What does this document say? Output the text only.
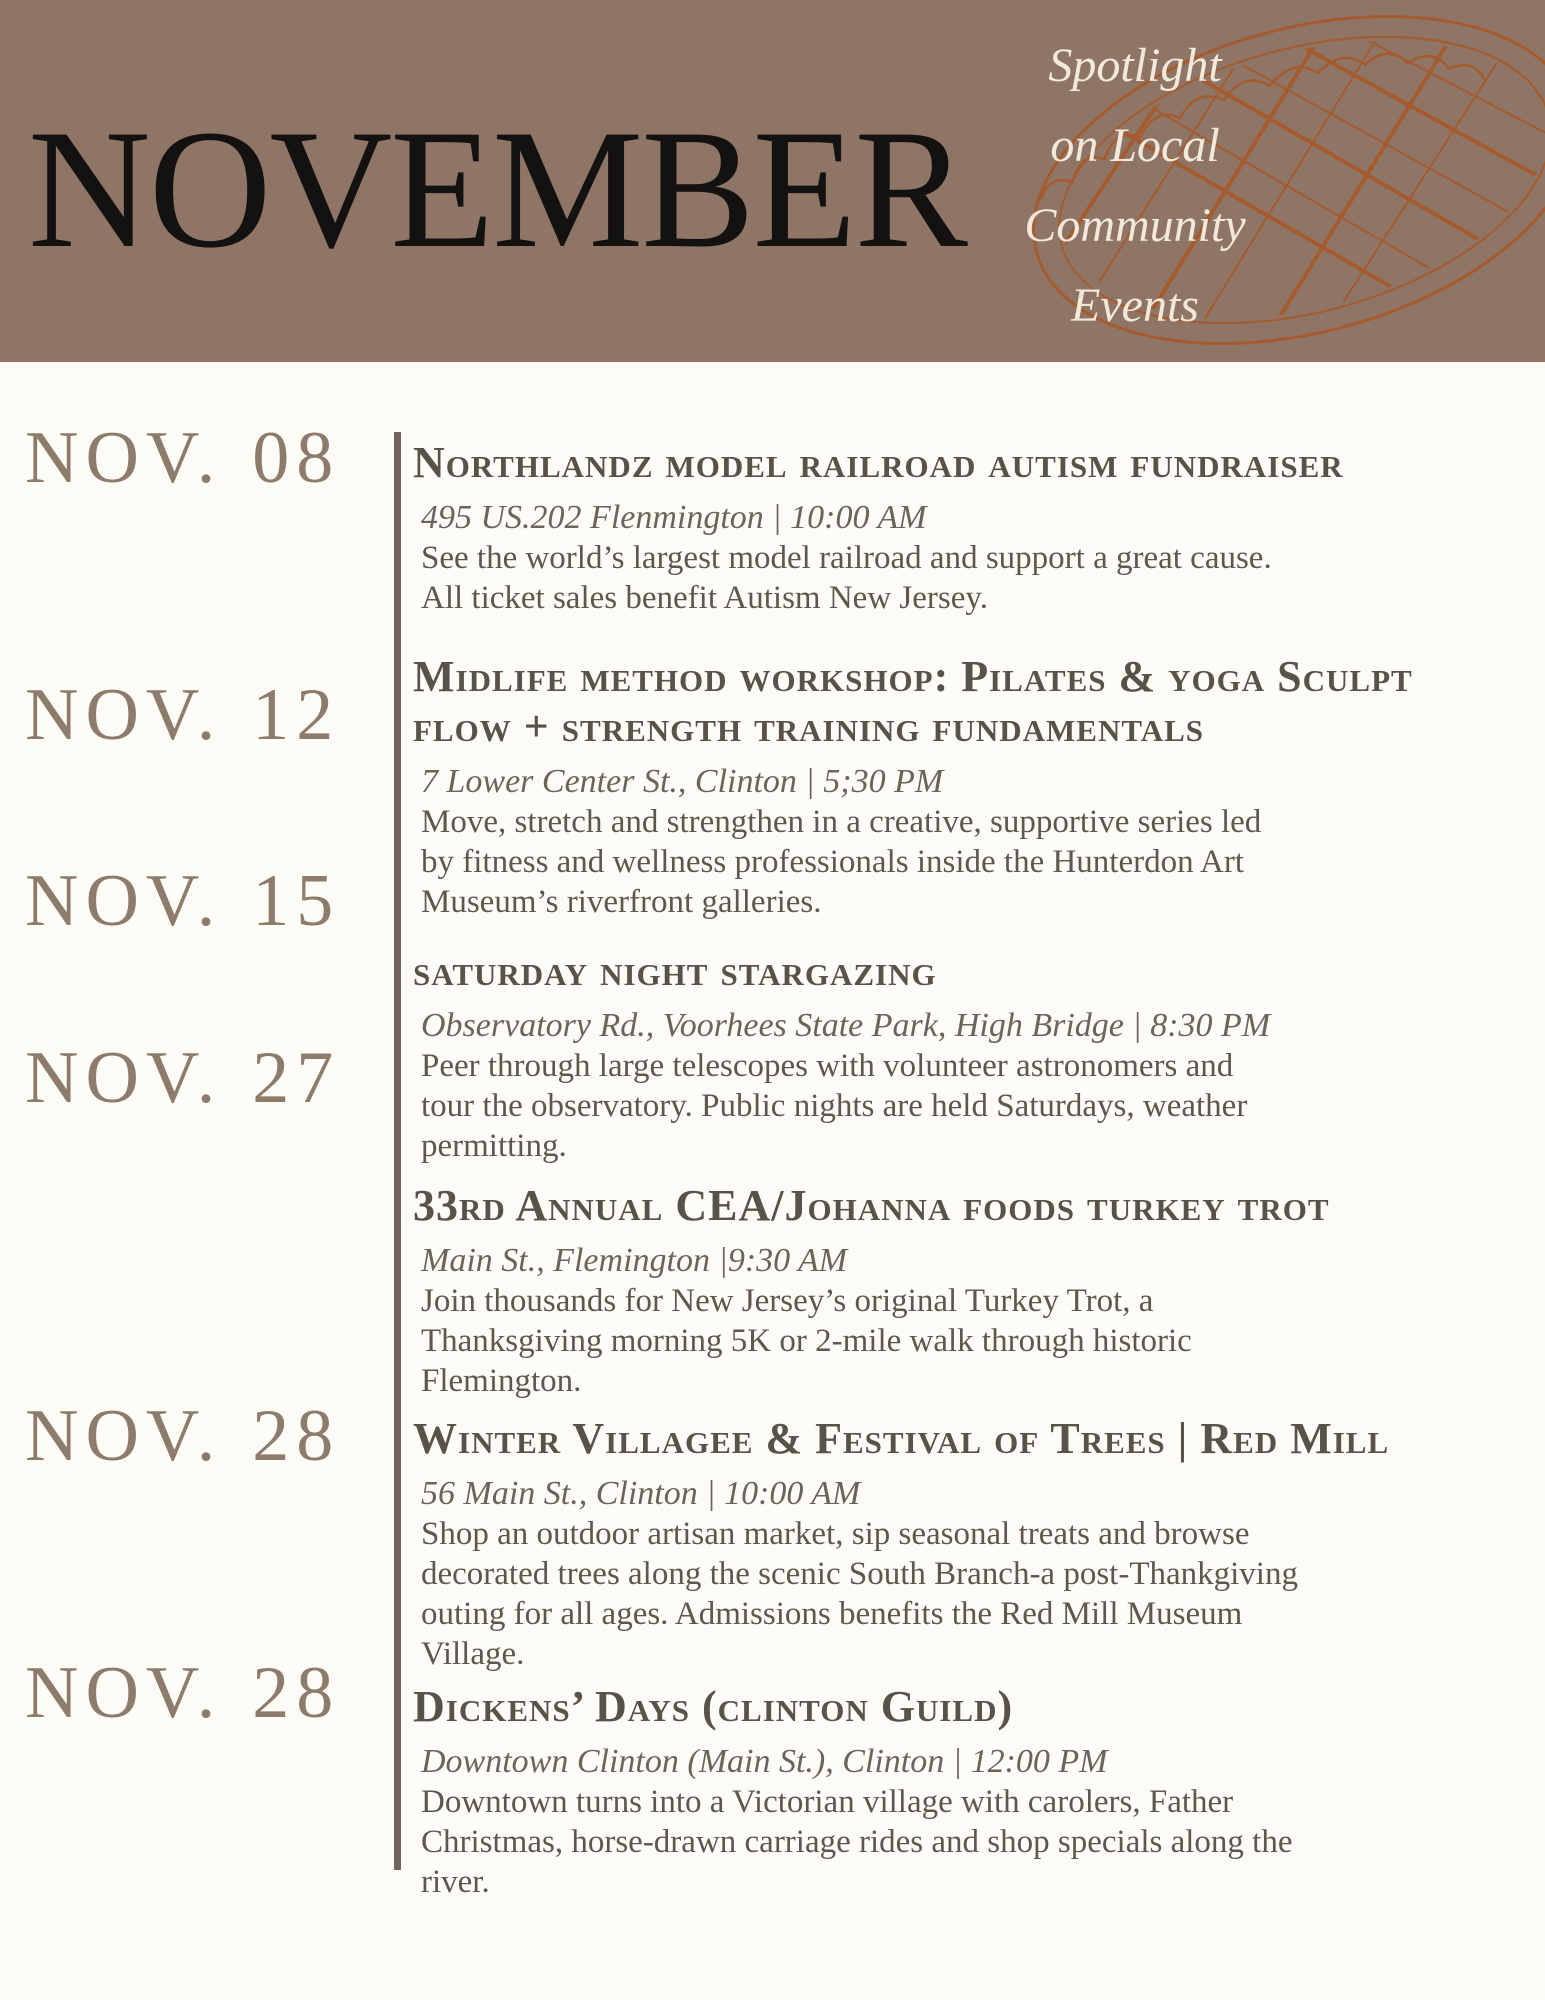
NOVEMBER
Spotlight
on Local
Community
Events
NOV. 08
NOV. 12
NOV. 15
NOV. 27
NOV. 28
NOV. 28
Northlandz model railroad autism fundraiser

495 US.202 Flenmington | 10:00 AM

See the world’s largest model railroad and support a great cause.
All ticket sales benefit Autism New Jersey.

Midlife method workshop: Pilates & yoga Sculpt
flow + strength training fundamentals

7 Lower Center St., Clinton | 5;30 PM

Move, stretch and strengthen in a creative, supportive series led
by fitness and wellness professionals inside the Hunterdon Art
Museum’s riverfront galleries.

saturday night stargazing

Observatory Rd., Voorhees State Park, High Bridge | 8:30 PM

Peer through large telescopes with volunteer astronomers and
tour the observatory. Public nights are held Saturdays, weather
permitting.

33rd Annual CEA/Johanna foods turkey trot

Main St., Flemington |9:30 AM

Join thousands for New Jersey’s original Turkey Trot, a
Thanksgiving morning 5K or 2-mile walk through historic
Flemington.

Winter Villagee & Festival of Trees | Red Mill

56 Main St., Clinton | 10:00 AM

Shop an outdoor artisan market, sip seasonal treats and browse
decorated trees along the scenic South Branch-a post-Thankgiving
outing for all ages. Admissions benefits the Red Mill Museum
Village.

Dickens’ Days (clinton Guild)

Downtown Clinton (Main St.), Clinton | 12:00 PM

Downtown turns into a Victorian village with carolers, Father
Christmas, horse-drawn carriage rides and shop specials along the
river.
